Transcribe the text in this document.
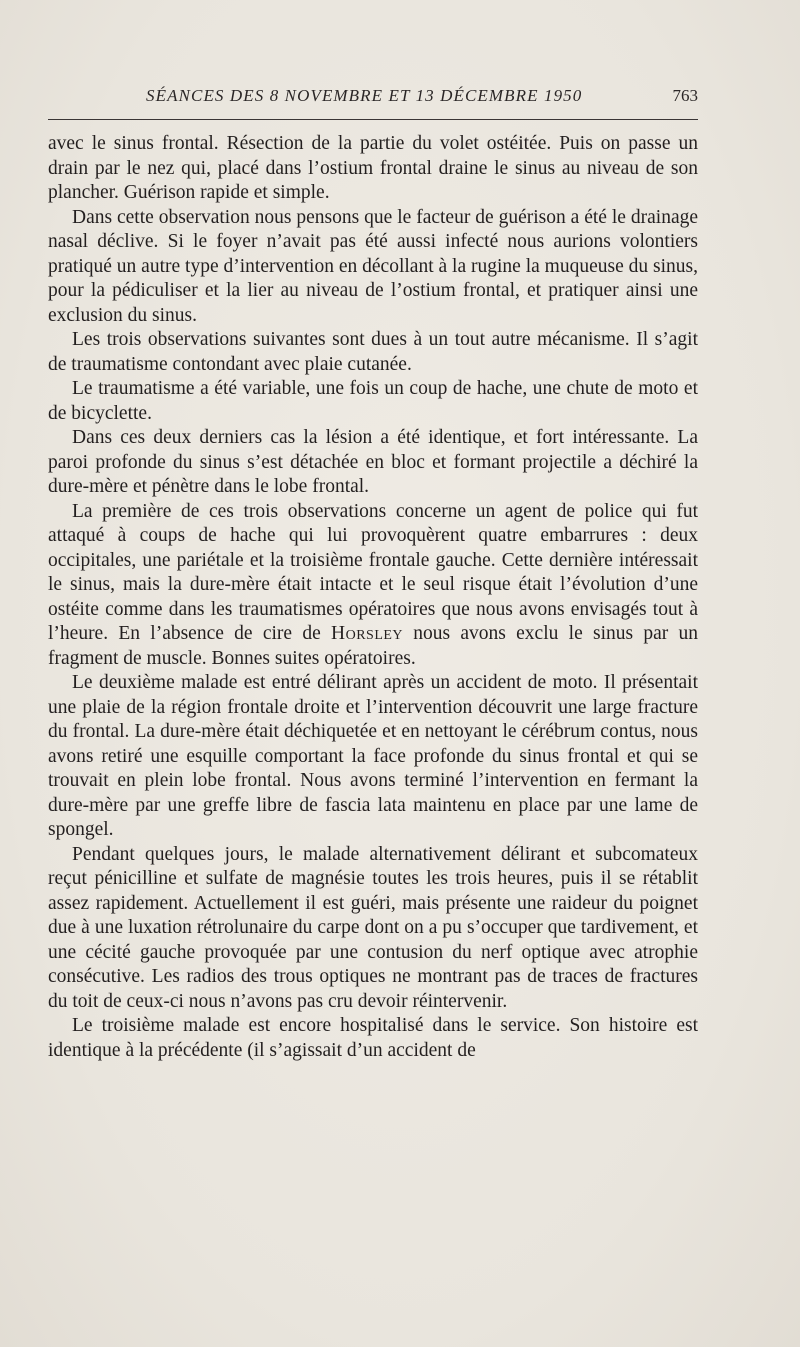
SÉANCES DES 8 NOVEMBRE ET 13 DÉCEMBRE 1950	763

avec le sinus frontal. Résection de la partie du volet ostéitée. Puis on passe un drain par le nez qui, placé dans l’ostium frontal draine le sinus au niveau de son plancher. Guérison rapide et simple.

Dans cette observation nous pensons que le facteur de guérison a été le drainage nasal déclive. Si le foyer n’avait pas été aussi infecté nous aurions volontiers pratiqué un autre type d’intervention en décollant à la rugine la muqueuse du sinus, pour la pédiculiser et la lier au niveau de l’ostium frontal, et pratiquer ainsi une exclusion du sinus.

Les trois observations suivantes sont dues à un tout autre mécanisme. Il s’agit de traumatisme contondant avec plaie cutanée.

Le traumatisme a été variable, une fois un coup de hache, une chute de moto et de bicyclette.

Dans ces deux derniers cas la lésion a été identique, et fort intéressante. La paroi profonde du sinus s’est détachée en bloc et formant projectile a déchiré la dure-mère et pénètre dans le lobe frontal.

La première de ces trois observations concerne un agent de police qui fut attaqué à coups de hache qui lui provoquèrent quatre embarrures : deux occipitales, une pariétale et la troisième frontale gauche. Cette dernière intéressait le sinus, mais la dure-mère était intacte et le seul risque était l’évolution d’une ostéite comme dans les traumatismes opératoires que nous avons envisagés tout à l’heure. En l’absence de cire de Horsley nous avons exclu le sinus par un fragment de muscle. Bonnes suites opératoires.

Le deuxième malade est entré délirant après un accident de moto. Il présentait une plaie de la région frontale droite et l’intervention découvrit une large fracture du frontal. La dure-mère était déchiquetée et en nettoyant le cérébrum contus, nous avons retiré une esquille comportant la face profonde du sinus frontal et qui se trouvait en plein lobe frontal. Nous avons terminé l’intervention en fermant la dure-mère par une greffe libre de fascia lata maintenu en place par une lame de spongel.

Pendant quelques jours, le malade alternativement délirant et subcomateux reçut pénicilline et sulfate de magnésie toutes les trois heures, puis il se rétablit assez rapidement. Actuellement il est guéri, mais présente une raideur du poignet due à une luxation rétrolunaire du carpe dont on a pu s’occuper que tardivement, et une cécité gauche provoquée par une contusion du nerf optique avec atrophie consécutive. Les radios des trous optiques ne montrant pas de traces de fractures du toit de ceux-ci nous n’avons pas cru devoir réintervenir.

Le troisième malade est encore hospitalisé dans le service. Son histoire est identique à la précédente (il s’agissait d’un accident de
